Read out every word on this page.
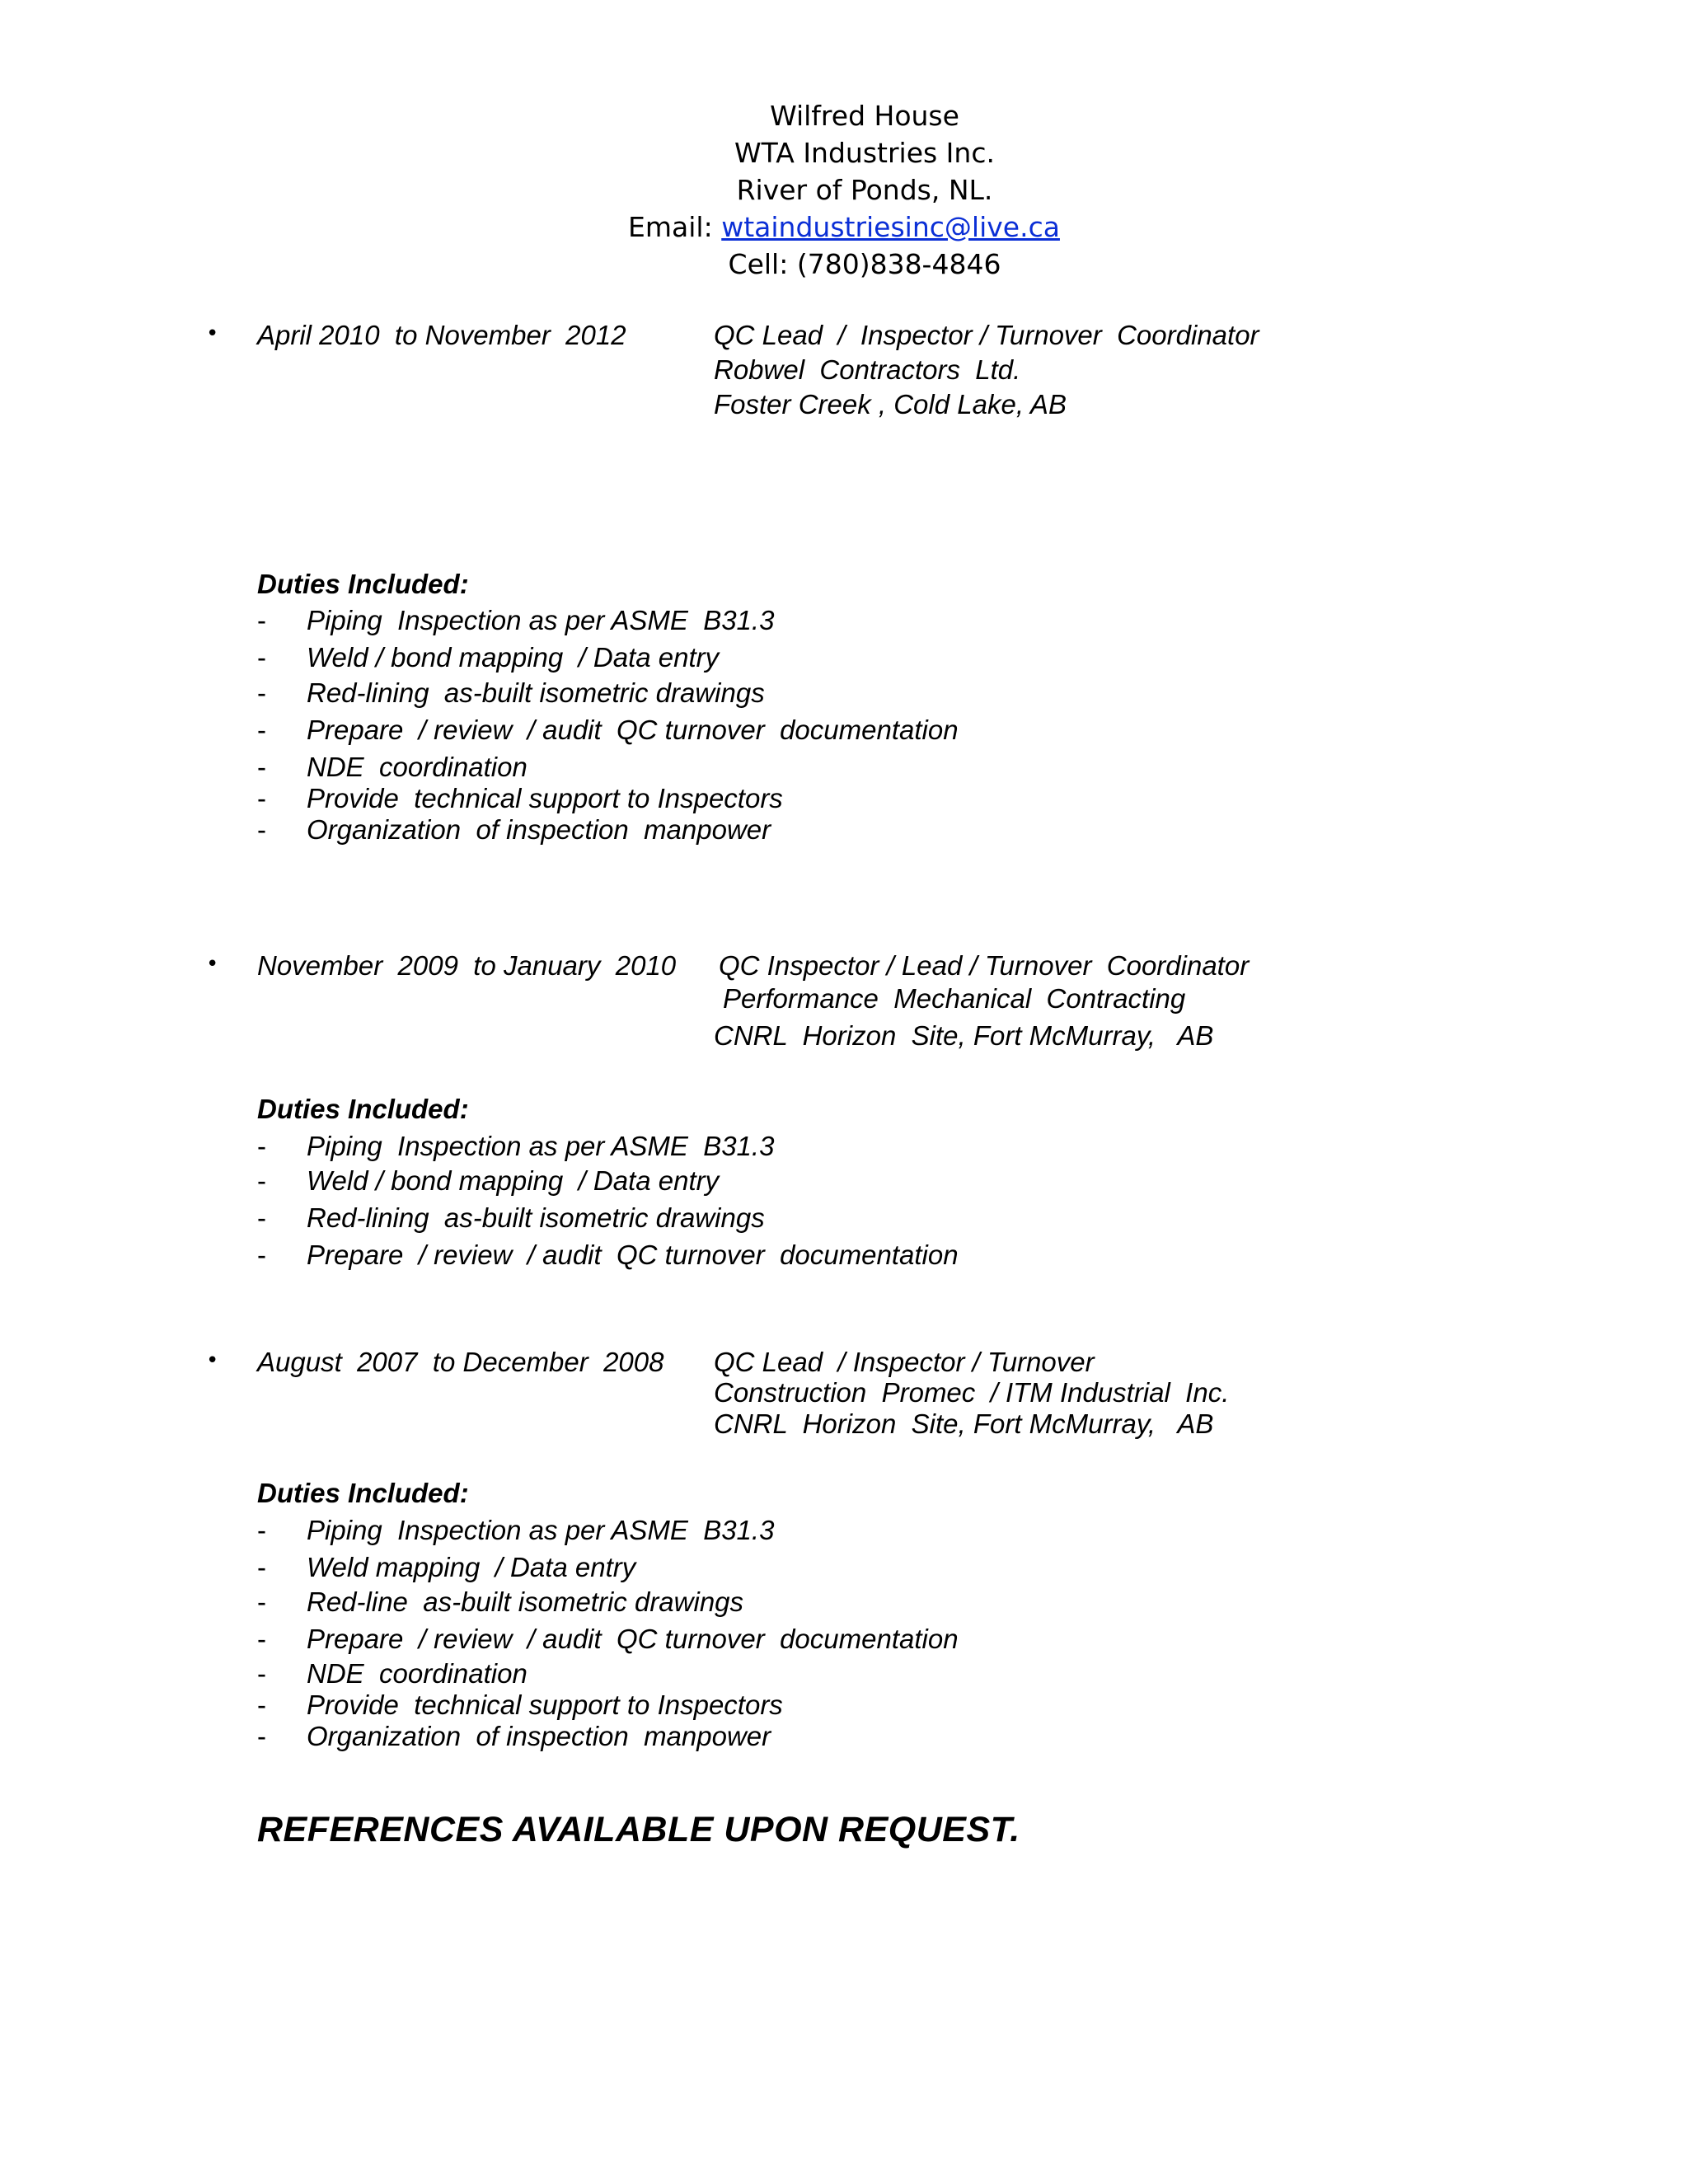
Wilfred House
WTA Industries Inc.
River of Ponds, NL.
Email: wtaindustriesinc@live.ca
Cell: (780)838-4846
• April 2010  to November  2012	QC Lead  /  Inspector / Turnover  Coordinator
Robwel  Contractors  Ltd.
Foster Creek , Cold Lake, AB
Duties Included:
- Piping  Inspection as per ASME  B31.3
- Weld / bond mapping  / Data entry
- Red-lining  as-built isometric drawings
- Prepare  / review  / audit  QC turnover  documentation
- NDE  coordination
- Provide  technical support to Inspectors
- Organization  of inspection  manpower
• November  2009  to January  2010 QC Inspector / Lead / Turnover  Coordinator
Performance  Mechanical  Contracting
CNRL  Horizon  Site, Fort McMurray,   AB
Duties Included:
- Piping  Inspection as per ASME  B31.3
- Weld / bond mapping  / Data entry
- Red-lining  as-built isometric drawings
- Prepare  / review  / audit  QC turnover  documentation
• August  2007  to December  2008 QC Lead  / Inspector / Turnover
Construction  Promec  / ITM Industrial  Inc.
CNRL  Horizon  Site, Fort McMurray,   AB
Duties Included:
- Piping  Inspection as per ASME  B31.3
- Weld mapping  / Data entry
- Red-line  as-built isometric drawings
- Prepare  / review  / audit  QC turnover  documentation
- NDE  coordination
- Provide  technical support to Inspectors
- Organization  of inspection  manpower
REFERENCES AVAILABLE UPON REQUEST.
